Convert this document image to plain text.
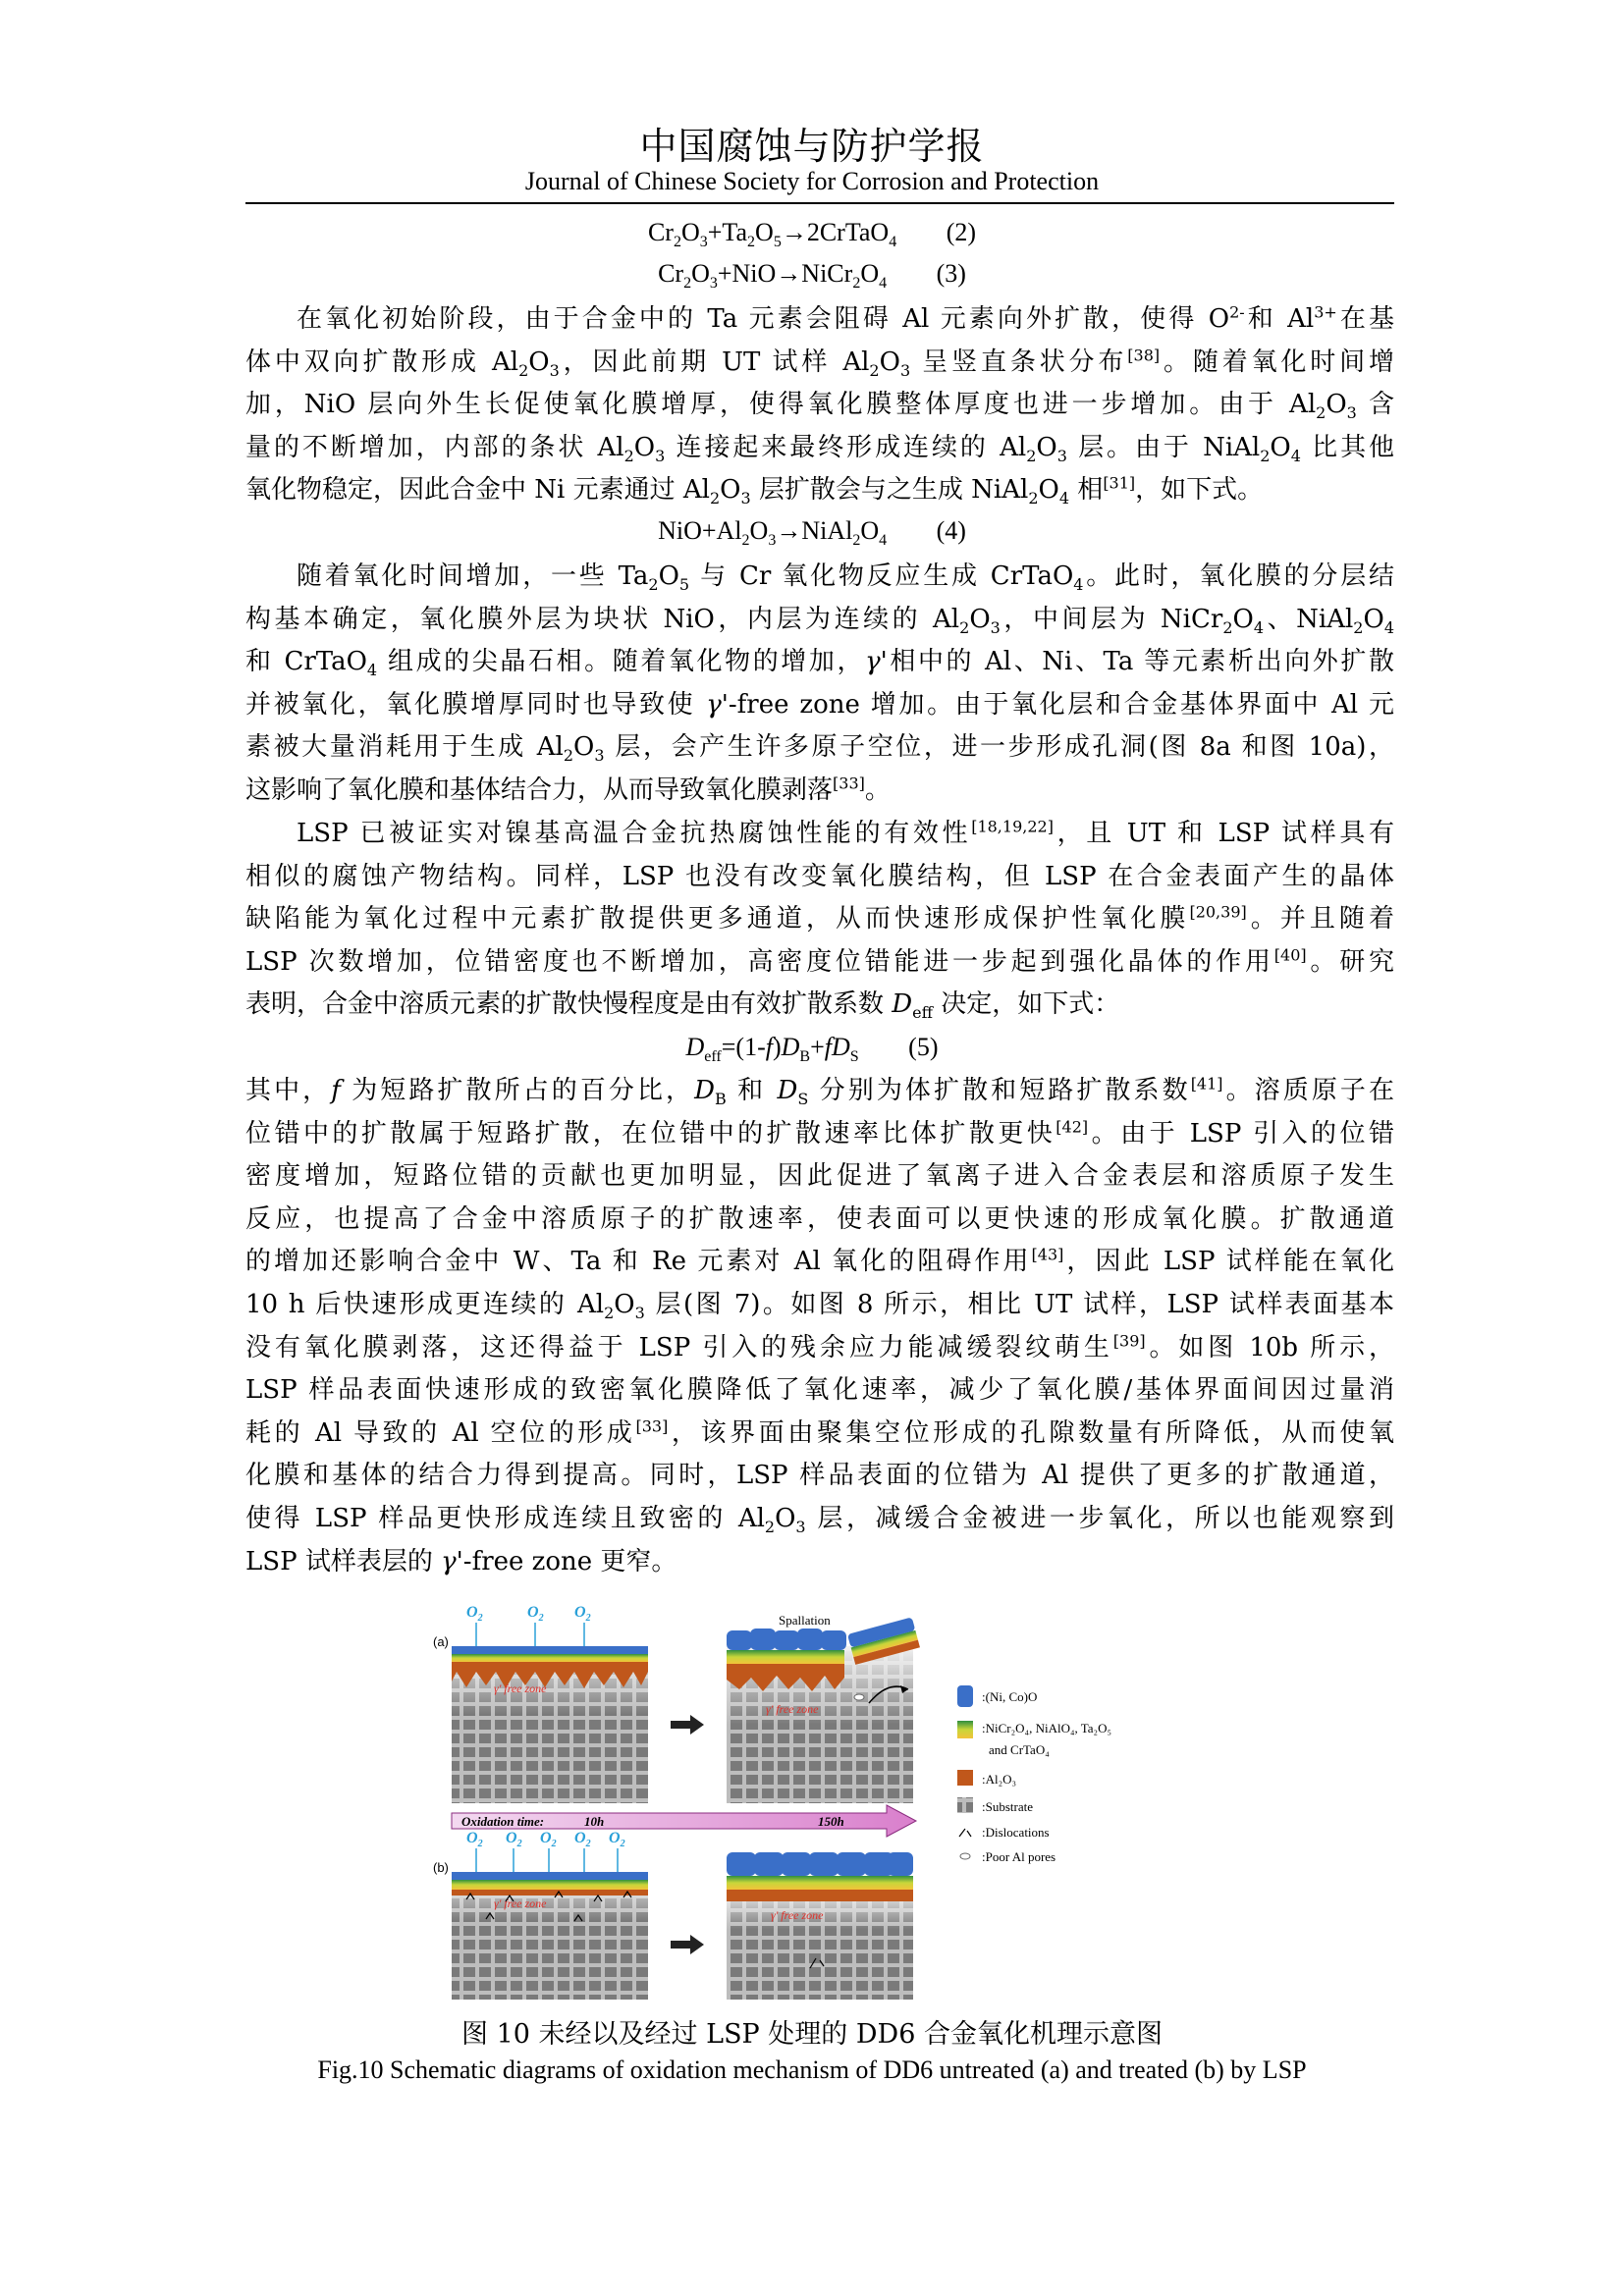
中国腐蚀与防护学报
Journal of Chinese Society for Corrosion and Protection
$Cr_2O_3+Ta_2O_5\to 2CrTaO_4$ (2)
$Cr_2O_3+NiO\to NiCr_2O_4$ (3)
在氧化初始阶段，由于合金中的 Ta 元素会阻碍 Al 元素向外扩散，使得 $O^{2-}$和 $Al^{3+}$在基
体中双向扩散形成 $Al_2O_3$，因此前期 UT 试样 $Al_2O_3$ 呈竖直条状分布[38]。随着氧化时间增
加，NiO 层向外生长促使氧化膜增厚，使得氧化膜整体厚度也进一步增加。由于 $Al_2O_3$ 含
量的不断增加，内部的条状 $Al_2O_3$ 连接起来最终形成连续的 $Al_2O_3$ 层。由于 $NiAl_2O_4$ 比其他
氧化物稳定，因此合金中 Ni 元素通过 $Al_2O_3$ 层扩散会与之生成 $NiAl_2O_4$ 相[31]，如下式。
$NiO+Al_2O_3\to NiAl_2O_4$ (4)
随着氧化时间增加，一些 $Ta_2O_5$ 与 Cr 氧化物反应生成 CrTaO$_4$。此时，氧化膜的分层结
构基本确定，氧化膜外层为块状 NiO，内层为连续的 $Al_2O_3$，中间层为 $NiCr_2O_4$、$NiAl_2O_4$
和 CrTaO$_4$ 组成的尖晶石相。随着氧化物的增加，γ'相中的 Al、Ni、Ta 等元素析出向外扩散
并被氧化，氧化膜增厚同时也导致使 γ'-free zone 增加。由于氧化层和合金基体界面中 Al 元
素被大量消耗用于生成 $Al_2O_3$ 层，会产生许多原子空位，进一步形成孔洞(图 8a 和图 10a)，
这影响了氧化膜和基体结合力，从而导致氧化膜剥落[33]。
LSP 已被证实对镍基高温合金抗热腐蚀性能的有效性[18,19,22]，且 UT 和 LSP 试样具有
相似的腐蚀产物结构。同样，LSP 也没有改变氧化膜结构，但 LSP 在合金表面产生的晶体
缺陷能为氧化过程中元素扩散提供更多通道，从而快速形成保护性氧化膜[20,39]。并且随着
LSP 次数增加，位错密度也不断增加，高密度位错能进一步起到强化晶体的作用[40]。研究
表明，合金中溶质元素的扩散快慢程度是由有效扩散系数 $D_{eff}$ 决定，如下式：
$D_{eff}=(1-f)D_B+fD_S$ (5)
其中，f 为短路扩散所占的百分比，$D_B$ 和 $D_S$ 分别为体扩散和短路扩散系数[41]。溶质原子在
位错中的扩散属于短路扩散，在位错中的扩散速率比体扩散更快[42]。由于 LSP 引入的位错
密度增加，短路位错的贡献也更加明显，因此促进了氧离子进入合金表层和溶质原子发生
反应，也提高了合金中溶质原子的扩散速率，使表面可以更快速的形成氧化膜。扩散通道
的增加还影响合金中 W、Ta 和 Re 元素对 Al 氧化的阻碍作用[43]，因此 LSP 试样能在氧化
10 h 后快速形成更连续的 $Al_2O_3$ 层(图 7)。如图 8 所示，相比 UT 试样，LSP 试样表面基本
没有氧化膜剥落，这还得益于 LSP 引入的残余应力能减缓裂纹萌生[39]。如图 10b 所示，
LSP 样品表面快速形成的致密氧化膜降低了氧化速率，减少了氧化膜/基体界面间因过量消
耗的 Al 导致的 Al 空位的形成[33]，该界面由聚集空位形成的孔隙数量有所降低，从而使氧
化膜和基体的结合力得到提高。同时，LSP 样品表面的位错为 Al 提供了更多的扩散通道，
使得 LSP 样品更快形成连续且致密的 $Al_2O_3$ 层，减缓合金被进一步氧化，所以也能观察到
LSP 试样表层的 γ'-free zone 更窄。
γ' free zone
$O_2$	$O_2$ $O_2$
(a)
Spallation
γ' free zone
Oxidation time:	10h	150h
γ' free zone
$O_2$ $O_2$ $O_2$ $O_2$ $O_2$
(b)
γ' free zone
:(Ni, Co)O
:NiCr₂O₄, NiAlO₄, Ta₂O₅
and CrTaO₄
:Al₂O₃
:Substrate
:Dislocations
:Poor Al pores
图 10 未经以及经过 LSP 处理的 DD6 合金氧化机理示意图
Fig.10 Schematic diagrams of oxidation mechanism of DD6 untreated (a) and treated (b) by LSP
